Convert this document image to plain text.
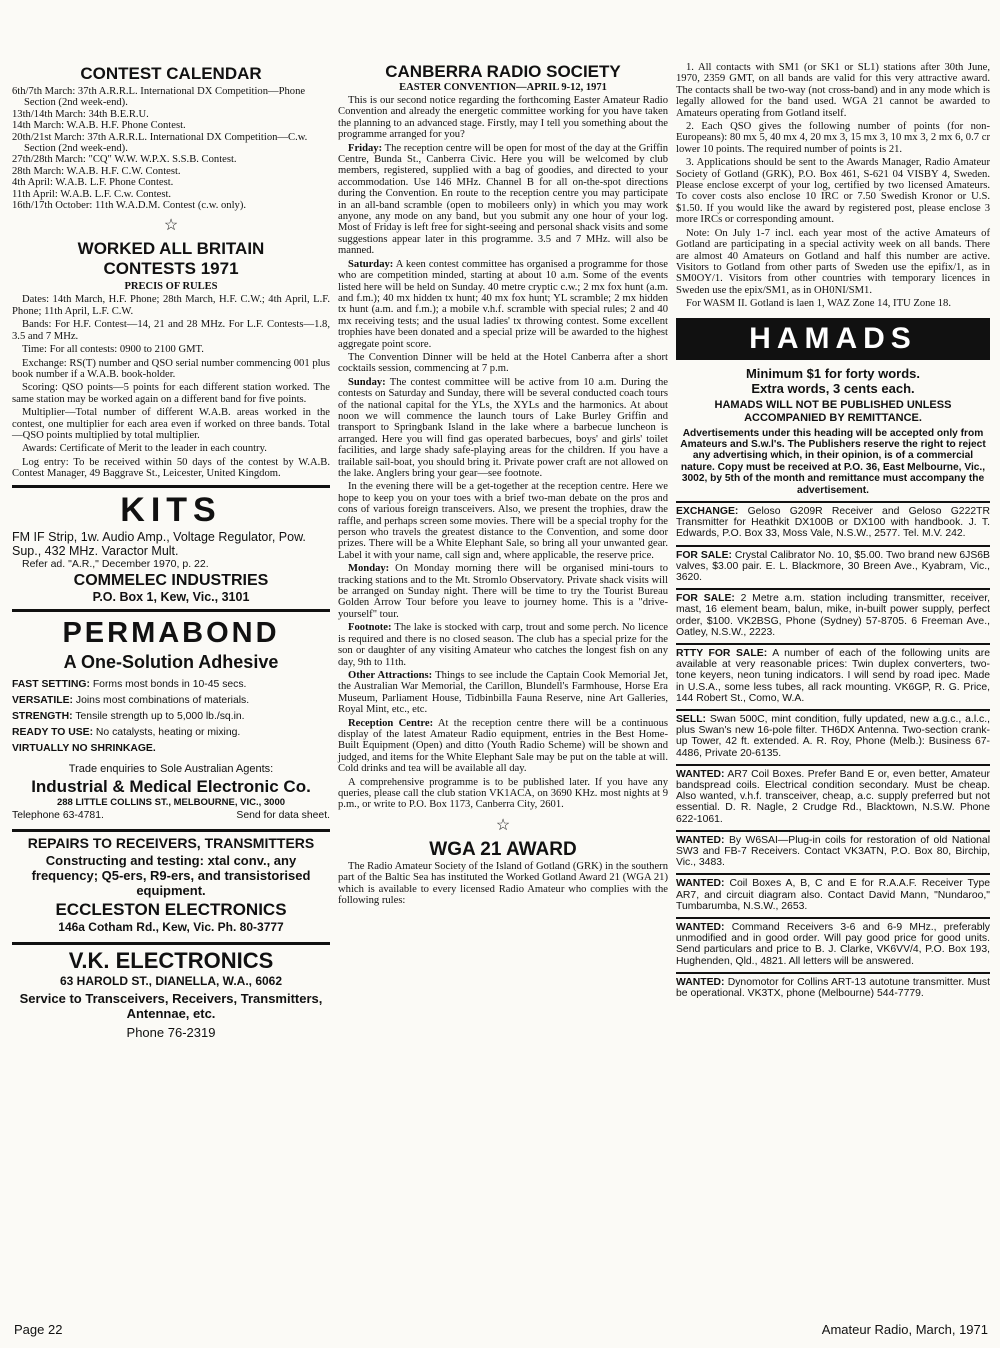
CONTEST CALENDAR

6th/7th March: 37th A.R.R.L. International DX Competition—Phone Section (2nd week-end).

13th/14th March: 34th B.E.R.U.

14th March: W.A.B. H.F. Phone Contest.

20th/21st March: 37th A.R.R.L. International DX Competition—C.w. Section (2nd week-end).

27th/28th March: "CQ" W.W. W.P.X. S.S.B. Contest.

28th March: W.A.B. H.F. C.W. Contest.

4th April: W.A.B. L.F. Phone Contest.

11th April: W.A.B. L.F. C.w. Contest.

16th/17th October: 11th W.A.D.M. Contest (c.w. only).

☆
WORKED ALL BRITAIN
CONTESTS 1971
PRECIS OF RULES

Dates: 14th March, H.F. Phone; 28th March, H.F. C.W.; 4th April, L.F. Phone; 11th April, L.F. C.W.

Bands: For H.F. Contest—14, 21 and 28 MHz. For L.F. Contests—1.8, 3.5 and 7 MHz.

Time: For all contests: 0900 to 2100 GMT.

Exchange: RS(T) number and QSO serial number commencing 001 plus book number if a W.A.B. book-holder.

Scoring: QSO points—5 points for each different station worked. The same station may be worked again on a different band for five points.

Multiplier—Total number of different W.A.B. areas worked in the contest, one multiplier for each area even if worked on three bands. Total—QSO points multiplied by total multiplier.

Awards: Certificate of Merit to the leader in each country.

Log entry: To be received within 50 days of the contest by W.A.B. Contest Manager, 49 Baggrave St., Leicester, United Kingdom.

KITS
FM IF Strip, 1w. Audio Amp., Voltage Regulator, Pow. Sup., 432 MHz. Varactor Mult.
Refer ad. "A.R.," December 1970, p. 22.
COMMELEC INDUSTRIES
P.O. Box 1, Kew, Vic., 3101
PERMABOND
A One-Solution Adhesive
FAST SETTING: Forms most bonds in 10-45 secs.
VERSATILE: Joins most combinations of materials.
STRENGTH: Tensile strength up to 5,000 lb./sq.in.
READY TO USE: No catalysts, heating or mixing.
VIRTUALLY NO SHRINKAGE.
Trade enquiries to Sole Australian Agents:
Industrial & Medical Electronic Co.
288 LITTLE COLLINS ST., MELBOURNE, VIC., 3000
Telephone 63-4781.	Send for data sheet.
REPAIRS TO RECEIVERS, TRANSMITTERS
Constructing and testing: xtal conv., any frequency; Q5-ers, R9-ers, and transistorised equipment.
ECCLESTON ELECTRONICS
146a Cotham Rd., Kew, Vic. Ph. 80-3777
V.K. ELECTRONICS
63 HAROLD ST., DIANELLA, W.A., 6062
Service to Transceivers, Receivers, Transmitters, Antennae, etc.
Phone 76-2319
CANBERRA RADIO SOCIETY
EASTER CONVENTION—APRIL 9-12, 1971

This is our second notice regarding the forthcoming Easter Amateur Radio Convention and already the energetic committee working for you have taken the planning to an advanced stage. Firstly, may I tell you something about the programme arranged for you?

Friday: The reception centre will be open for most of the day at the Griffin Centre, Bunda St., Canberra Civic. Here you will be welcomed by club members, registered, supplied with a bag of goodies, and directed to your accommodation. Use 146 MHz. Channel B for all on-the-spot directions during the Convention. En route to the reception centre you may participate in an all-band scramble (open to mobileers only) in which you may work anyone, any mode on any band, but you submit any one hour of your log. Most of Friday is left free for sight-seeing and personal shack visits and some suggestions appear later in this programme. 3.5 and 7 MHz. will also be manned.

Saturday: A keen contest committee has organised a programme for those who are competition minded, starting at about 10 a.m. Some of the events listed here will be held on Sunday. 40 metre cryptic c.w.; 2 mx fox hunt (a.m. and f.m.); 40 mx hidden tx hunt; 40 mx fox hunt; YL scramble; 2 mx hidden tx hunt (a.m. and f.m.); a mobile v.h.f. scramble with special rules; 2 and 40 mx receiving tests; and the usual ladies' tx throwing contest. Some excellent trophies have been donated and a special prize will be awarded to the highest aggregate point score.

The Convention Dinner will be held at the Hotel Canberra after a short cocktails session, commencing at 7 p.m.

Sunday: The contest committee will be active from 10 a.m. During the contests on Saturday and Sunday, there will be several conducted coach tours of the national capital for the YLs, the XYLs and the harmonics. At about noon we will commence the launch tours of Lake Burley Griffin and transport to Springbank Island in the lake where a barbecue luncheon is arranged. Here you will find gas operated barbecues, boys' and girls' toilet facilities, and large shady safe-playing areas for the children. If you have a trailable sail-boat, you should bring it. Private power craft are not allowed on the lake. Anglers bring your gear—see footnote.

In the evening there will be a get-together at the reception centre. Here we hope to keep you on your toes with a brief two-man debate on the pros and cons of various foreign transceivers. Also, we present the trophies, draw the raffle, and perhaps screen some movies. There will be a special trophy for the person who travels the greatest distance to the Convention, and some door prizes. There will be a White Elephant Sale, so bring all your unwanted gear. Label it with your name, call sign and, where applicable, the reserve price.

Monday: On Monday morning there will be organised mini-tours to tracking stations and to the Mt. Stromlo Observatory. Private shack visits will be arranged on Sunday night. There will be time to try the Tourist Bureau Golden Arrow Tour before you leave to journey home. This is a "drive-yourself" tour.

Footnote: The lake is stocked with carp, trout and some perch. No licence is required and there is no closed season. The club has a special prize for the son or daughter of any visiting Amateur who catches the longest fish on any day, 9th to 11th.

Other Attractions: Things to see include the Captain Cook Memorial Jet, the Australian War Memorial, the Carillon, Blundell's Farmhouse, Horse Era Museum, Parliament House, Tidbinbilla Fauna Reserve, nine Art Galleries, Royal Mint, etc., etc.

Reception Centre: At the reception centre there will be a continuous display of the latest Amateur Radio equipment, entries in the Best Home-Built Equipment (Open) and ditto (Youth Radio Scheme) will be shown and judged, and items for the White Elephant Sale may be put on the table at will. Cold drinks and tea will be available all day.

A comprehensive programme is to be published later. If you have any queries, please call the club station VK1ACA, on 3690 KHz. most nights at 9 p.m., or write to P.O. Box 1173, Canberra City, 2601.

☆
WGA 21 AWARD

The Radio Amateur Society of the Island of Gotland (GRK) in the southern part of the Baltic Sea has instituted the Worked Gotland Award 21 (WGA 21) which is available to every licensed Radio Amateur who complies with the following rules:

1. All contacts with SM1 (or SK1 or SL1) stations after 30th June, 1970, 2359 GMT, on all bands are valid for this very attractive award. The contacts shall be two-way (not cross-band) and in any mode which is legally allowed for the band used. WGA 21 cannot be awarded to Amateurs operating from Gotland itself.

2. Each QSO gives the following number of points (for non-Europeans): 80 mx 5, 40 mx 4, 20 mx 3, 15 mx 3, 10 mx 3, 2 mx 6, 0.7 cr lower 10 points. The required number of points is 21.

3. Applications should be sent to the Awards Manager, Radio Amateur Society of Gotland (GRK), P.O. Box 461, S-621 04 VISBY 4, Sweden. Please enclose excerpt of your log, certified by two licensed Amateurs. To cover costs also enclose 10 IRC or 7.50 Swedish Kronor or U.S. $1.50. If you would like the award by registered post, please enclose 3 more IRCs or corresponding amount.

Note: On July 1-7 incl. each year most of the active Amateurs of Gotland are participating in a special activity week on all bands. There are almost 40 Amateurs on Gotland and half this number are active. Visitors to Gotland from other parts of Sweden use the epifix/1, as in SM0OY/1. Visitors from other countries with temporary licences in Sweden use the epix/SM1, as in OH0NI/SM1.

For WASM II. Gotland is laen 1, WAZ Zone 14, ITU Zone 18.

HAMADS
Minimum $1 for forty words.
Extra words, 3 cents each.
HAMADS WILL NOT BE PUBLISHED UNLESS ACCOMPANIED BY REMITTANCE.
Advertisements under this heading will be accepted only from Amateurs and S.w.l's. The Publishers reserve the right to reject any advertising which, in their opinion, is of a commercial nature. Copy must be received at P.O. 36, East Melbourne, Vic., 3002, by 5th of the month and remittance must accompany the advertisement.
EXCHANGE: Geloso G209R Receiver and Geloso G222TR Transmitter for Heathkit DX100B or DX100 with handbook. J. T. Edwards, P.O. Box 33, Moss Vale, N.S.W., 2577. Tel. M.V. 242.
FOR SALE: Crystal Calibrator No. 10, $5.00. Two brand new 6JS6B valves, $3.00 pair. E. L. Blackmore, 30 Breen Ave., Kyabram, Vic., 3620.
FOR SALE: 2 Metre a.m. station including transmitter, receiver, mast, 16 element beam, balun, mike, in-built power supply, perfect order, $100. VK2BSG, Phone (Sydney) 57-8705. 6 Freeman Ave., Oatley, N.S.W., 2223.
RTTY FOR SALE: A number of each of the following units are available at very reasonable prices: Twin duplex converters, two-tone keyers, neon tuning indicators. I will send by road ipec. Made in U.S.A., some less tubes, all rack mounting. VK6GP, R. G. Price, 144 Robert St., Como, W.A.
SELL: Swan 500C, mint condition, fully updated, new a.g.c., a.l.c., plus Swan's new 16-pole filter. TH6DX Antenna. Two-section crank-up Tower, 42 ft. extended. A. R. Roy, Phone (Melb.): Business 67-4486, Private 20-6135.
WANTED: AR7 Coil Boxes. Prefer Band E or, even better, Amateur bandspread coils. Electrical condition secondary. Must be cheap. Also wanted, v.h.f. transceiver, cheap, a.c. supply preferred but not essential. D. R. Nagle, 2 Crudge Rd., Blacktown, N.S.W. Phone 622-1061.
WANTED: By W6SAI—Plug-in coils for restoration of old National SW3 and FB-7 Receivers. Contact VK3ATN, P.O. Box 80, Birchip, Vic., 3483.
WANTED: Coil Boxes A, B, C and E for R.A.A.F. Receiver Type AR7, and circuit diagram also. Contact David Mann, "Nundaroo," Tumbarumba, N.S.W., 2653.
WANTED: Command Receivers 3-6 and 6-9 MHz., preferably unmodified and in good order. Will pay good price for good units. Send particulars and price to B. J. Clarke, VK6VV/4, P.O. Box 193, Hughenden, Qld., 4821. All letters will be answered.
WANTED: Dynomotor for Collins ART-13 autotune transmitter. Must be operational. VK3TX, phone (Melbourne) 544-7779.
Page 22	Amateur Radio, March, 1971
